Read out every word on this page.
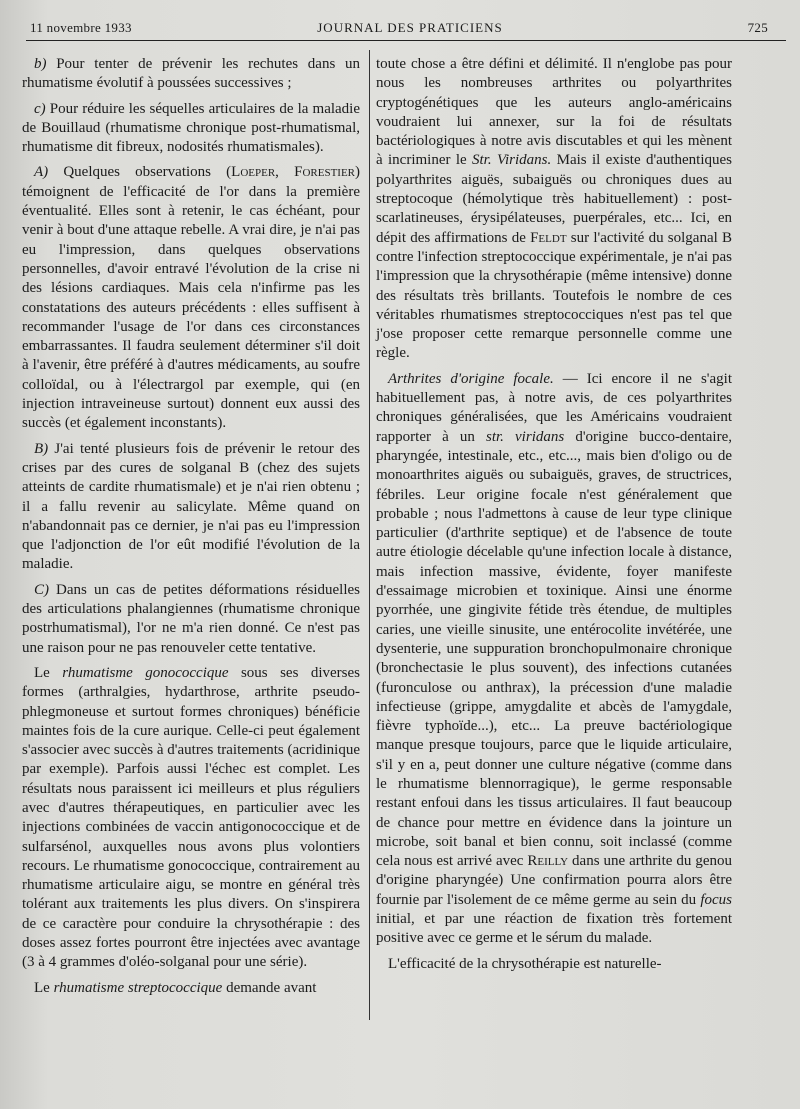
11 novembre 1933	JOURNAL DES PRATICIENS	725

b) Pour tenter de prévenir les rechutes dans un rhumatisme évolutif à poussées successives ;

c) Pour réduire les séquelles articulaires de la maladie de Bouillaud (rhumatisme chronique post-rhumatismal, rhumatisme dit fibreux, nodosités rhumatismales).

A) Quelques observations (Loeper, Forestier) témoignent de l'efficacité de l'or dans la première éventualité. Elles sont à retenir, le cas échéant, pour venir à bout d'une attaque rebelle. A vrai dire, je n'ai pas eu l'impression, dans quelques observations personnelles, d'avoir entravé l'évolution de la crise ni des lésions cardiaques. Mais cela n'infirme pas les constatations des auteurs précédents : elles suffisent à recommander l'usage de l'or dans ces circonstances embarrassantes. Il faudra seulement déterminer s'il doit à l'avenir, être préféré à d'autres médicaments, au soufre colloïdal, ou à l'électrargol par exemple, qui (en injection intraveineuse surtout) donnent eux aussi des succès (et également inconstants).

B) J'ai tenté plusieurs fois de prévenir le retour des crises par des cures de solganal B (chez des sujets atteints de cardite rhumatismale) et je n'ai rien obtenu ; il a fallu revenir au salicylate. Même quand on n'abandonnait pas ce dernier, je n'ai pas eu l'impression que l'adjonction de l'or eût modifié l'évolution de la maladie.

C) Dans un cas de petites déformations résiduelles des articulations phalangiennes (rhumatisme chronique postrhumatismal), l'or ne m'a rien donné. Ce n'est pas une raison pour ne pas renouveler cette tentative.

Le rhumatisme gonococcique sous ses diverses formes (arthralgies, hydarthrose, arthrite pseudo-phlegmoneuse et surtout formes chroniques) bénéficie maintes fois de la cure aurique. Celle-ci peut également s'associer avec succès à d'autres traitements (acridinique par exemple). Parfois aussi l'échec est complet. Les résultats nous paraissent ici meilleurs et plus réguliers avec d'autres thérapeutiques, en particulier avec les injections combinées de vaccin antigonococcique et de sulfarsénol, auxquelles nous avons plus volontiers recours. Le rhumatisme gonococcique, contrairement au rhumatisme articulaire aigu, se montre en général très tolérant aux traitements les plus divers. On s'inspirera de ce caractère pour conduire la chrysothérapie : des doses assez fortes pourront être injectées avec avantage (3 à 4 grammes d'oléo-solganal pour une série).

Le rhumatisme streptococcique demande avant

toute chose a être défini et délimité. Il n'englobe pas pour nous les nombreuses arthrites ou polyarthrites cryptogénétiques que les auteurs anglo-américains voudraient lui annexer, sur la foi de résultats bactériologiques à notre avis discutables et qui les mènent à incriminer le Str. Viridans. Mais il existe d'authentiques polyarthrites aiguës, subaiguës ou chroniques dues au streptocoque (hémolytique très habituellement) : post-scarlatineuses, érysipélateuses, puerpérales, etc... Ici, en dépit des affirmations de Feldt sur l'activité du solganal B contre l'infection streptococcique expérimentale, je n'ai pas l'impression que la chrysothérapie (même intensive) donne des résultats très brillants. Toutefois le nombre de ces véritables rhumatismes streptococciques n'est pas tel que j'ose proposer cette remarque personnelle comme une règle.

Arthrites d'origine focale. — Ici encore il ne s'agit habituellement pas, à notre avis, de ces polyarthrites chroniques généralisées, que les Américains voudraient rapporter à un str. viridans d'origine bucco-dentaire, pharyngée, intestinale, etc., etc..., mais bien d'oligo ou de monoarthrites aiguës ou subaiguës, graves, de structrices, fébriles. Leur origine focale n'est généralement que probable ; nous l'admettons à cause de leur type clinique particulier (d'arthrite septique) et de l'absence de toute autre étiologie décelable qu'une infection locale à distance, mais infection massive, évidente, foyer manifeste d'essaimage microbien et toxinique. Ainsi une énorme pyorrhée, une gingivite fétide très étendue, de multiples caries, une vieille sinusite, une entérocolite invétérée, une dysenterie, une suppuration bronchopulmonaire chronique (bronchectasie le plus souvent), des infections cutanées (furonculose ou anthrax), la précession d'une maladie infectieuse (grippe, amygdalite et abcès de l'amygdale, fièvre typhoïde...), etc... La preuve bactériologique manque presque toujours, parce que le liquide articulaire, s'il y en a, peut donner une culture négative (comme dans le rhumatisme blennorragique), le germe responsable restant enfoui dans les tissus articulaires. Il faut beaucoup de chance pour mettre en évidence dans la jointure un microbe, soit banal et bien connu, soit inclassé (comme cela nous est arrivé avec Reilly dans une arthrite du genou d'origine pharyngée) Une confirmation pourra alors être fournie par l'isolement de ce même germe au sein du focus initial, et par une réaction de fixation très fortement positive avec ce germe et le sérum du malade.

L'efficacité de la chrysothérapie est naturelle-
